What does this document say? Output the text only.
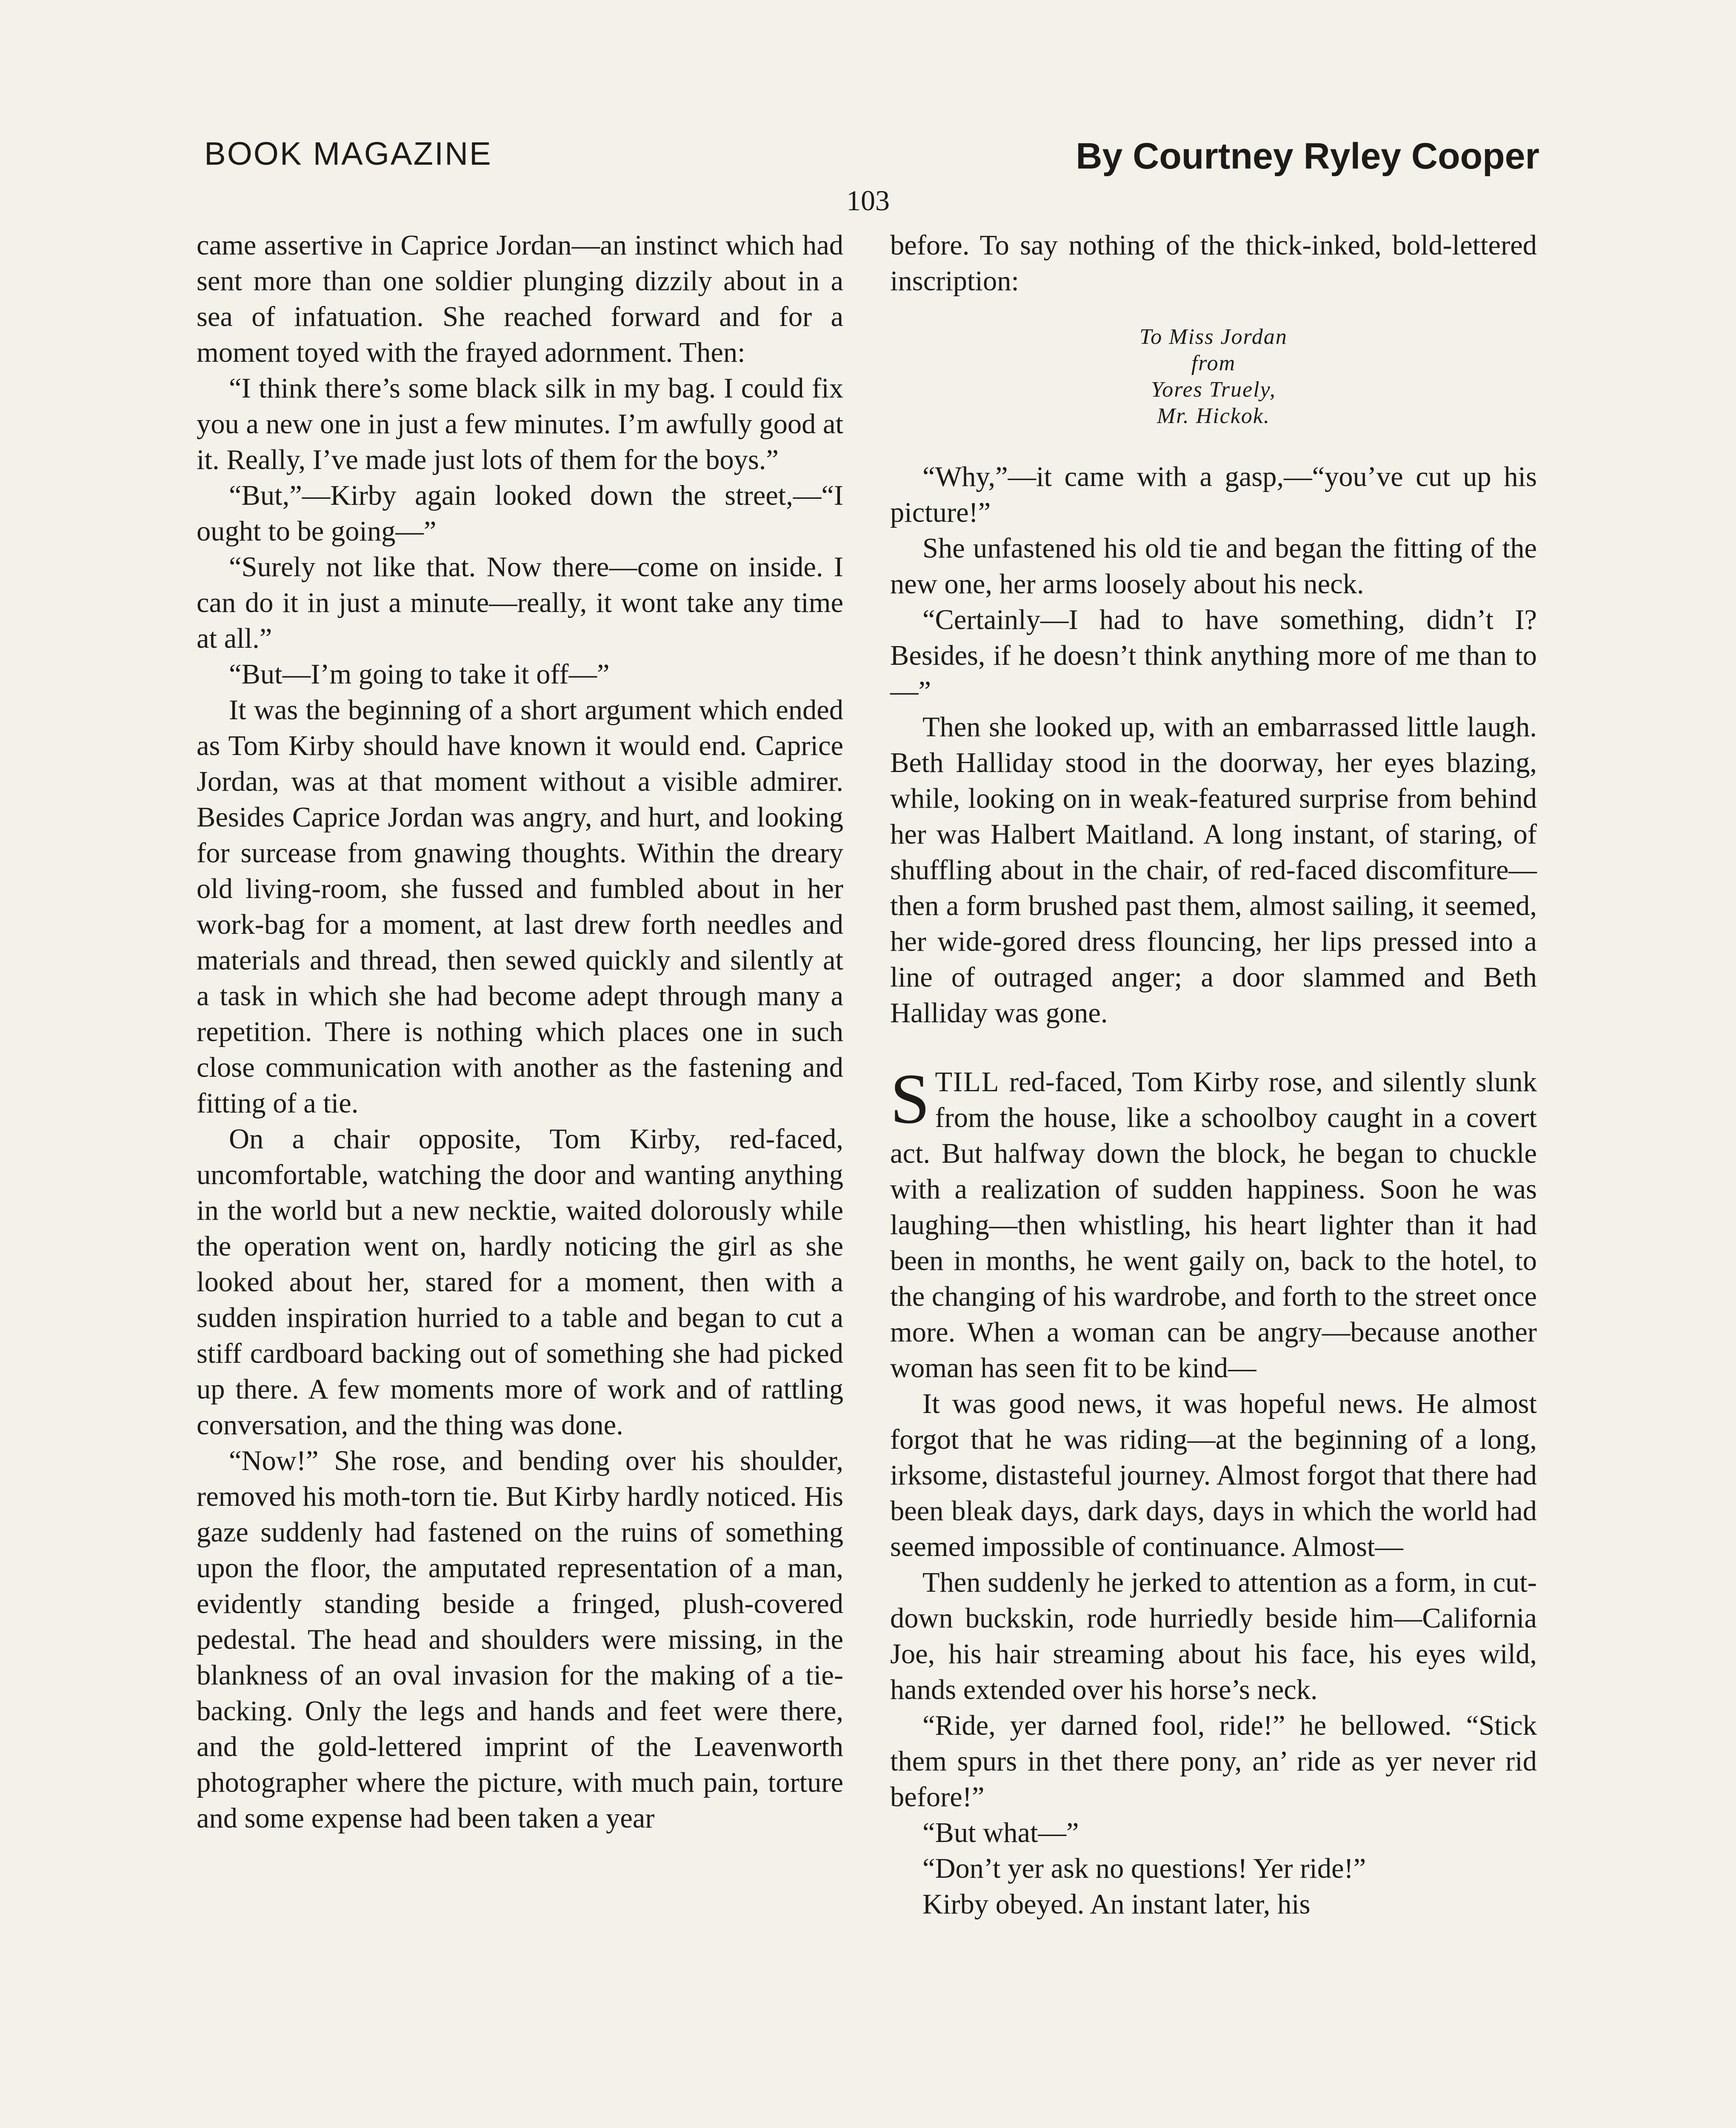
BOOK MAGAZINE	By Courtney Ryley Cooper
103

came assertive in Caprice Jordan—an instinct which had sent more than one soldier plunging dizzily about in a sea of infatuation. She reached forward and for a moment toyed with the frayed adornment. Then:

“I think there’s some black silk in my bag. I could fix you a new one in just a few minutes. I’m awfully good at it. Really, I’ve made just lots of them for the boys.”

“But,”—Kirby again looked down the street,—“I ought to be going—”

“Surely not like that. Now there—come on inside. I can do it in just a minute—really, it wont take any time at all.”

“But—I’m going to take it off—”

It was the beginning of a short argument which ended as Tom Kirby should have known it would end. Caprice Jordan, was at that moment without a visible admirer. Besides Caprice Jordan was angry, and hurt, and looking for surcease from gnawing thoughts. Within the dreary old living-room, she fussed and fumbled about in her work-bag for a moment, at last drew forth needles and materials and thread, then sewed quickly and silently at a task in which she had become adept through many a repetition. There is nothing which places one in such close communication with another as the fastening and fitting of a tie.

On a chair opposite, Tom Kirby, red-faced, uncomfortable, watching the door and wanting anything in the world but a new necktie, waited dolorously while the operation went on, hardly noticing the girl as she looked about her, stared for a moment, then with a sudden inspiration hurried to a table and began to cut a stiff cardboard backing out of something she had picked up there. A few moments more of work and of rattling conversation, and the thing was done.

“Now!” She rose, and bending over his shoulder, removed his moth-torn tie. But Kirby hardly noticed. His gaze suddenly had fastened on the ruins of something upon the floor, the amputated representation of a man, evidently standing beside a fringed, plush-covered pedestal. The head and shoulders were missing, in the blankness of an oval invasion for the making of a tie-backing. Only the legs and hands and feet were there, and the gold-lettered imprint of the Leavenworth photographer where the picture, with much pain, torture and some expense had been taken a year

before. To say nothing of the thick-inked, bold-lettered inscription:

To Miss Jordan
from
Yores Truely,
Mr. Hickok.

“Why,”—it came with a gasp,—“you’ve cut up his picture!”

She unfastened his old tie and began the fitting of the new one, her arms loosely about his neck.

“Certainly—I had to have something, didn’t I? Besides, if he doesn’t think anything more of me than to—”

Then she looked up, with an embarrassed little laugh. Beth Halliday stood in the doorway, her eyes blazing, while, looking on in weak-featured surprise from behind her was Halbert Maitland. A long instant, of staring, of shuffling about in the chair, of red-faced discomfiture—then a form brushed past them, almost sailing, it seemed, her wide-gored dress flouncing, her lips pressed into a line of outraged anger; a door slammed and Beth Halliday was gone.

STILL red-faced, Tom Kirby rose, and silently slunk from the house, like a schoolboy caught in a covert act. But halfway down the block, he began to chuckle with a realization of sudden happiness. Soon he was laughing—then whistling, his heart lighter than it had been in months, he went gaily on, back to the hotel, to the changing of his wardrobe, and forth to the street once more. When a woman can be angry—because another woman has seen fit to be kind—

It was good news, it was hopeful news. He almost forgot that he was riding—at the beginning of a long, irksome, distasteful journey. Almost forgot that there had been bleak days, dark days, days in which the world had seemed impossible of continuance. Almost—

Then suddenly he jerked to attention as a form, in cut-down buckskin, rode hurriedly beside him—California Joe, his hair streaming about his face, his eyes wild, hands extended over his horse’s neck.

“Ride, yer darned fool, ride!” he bellowed. “Stick them spurs in thet there pony, an’ ride as yer never rid before!”

“But what—”

“Don’t yer ask no questions! Yer ride!”

Kirby obeyed. An instant later, his
